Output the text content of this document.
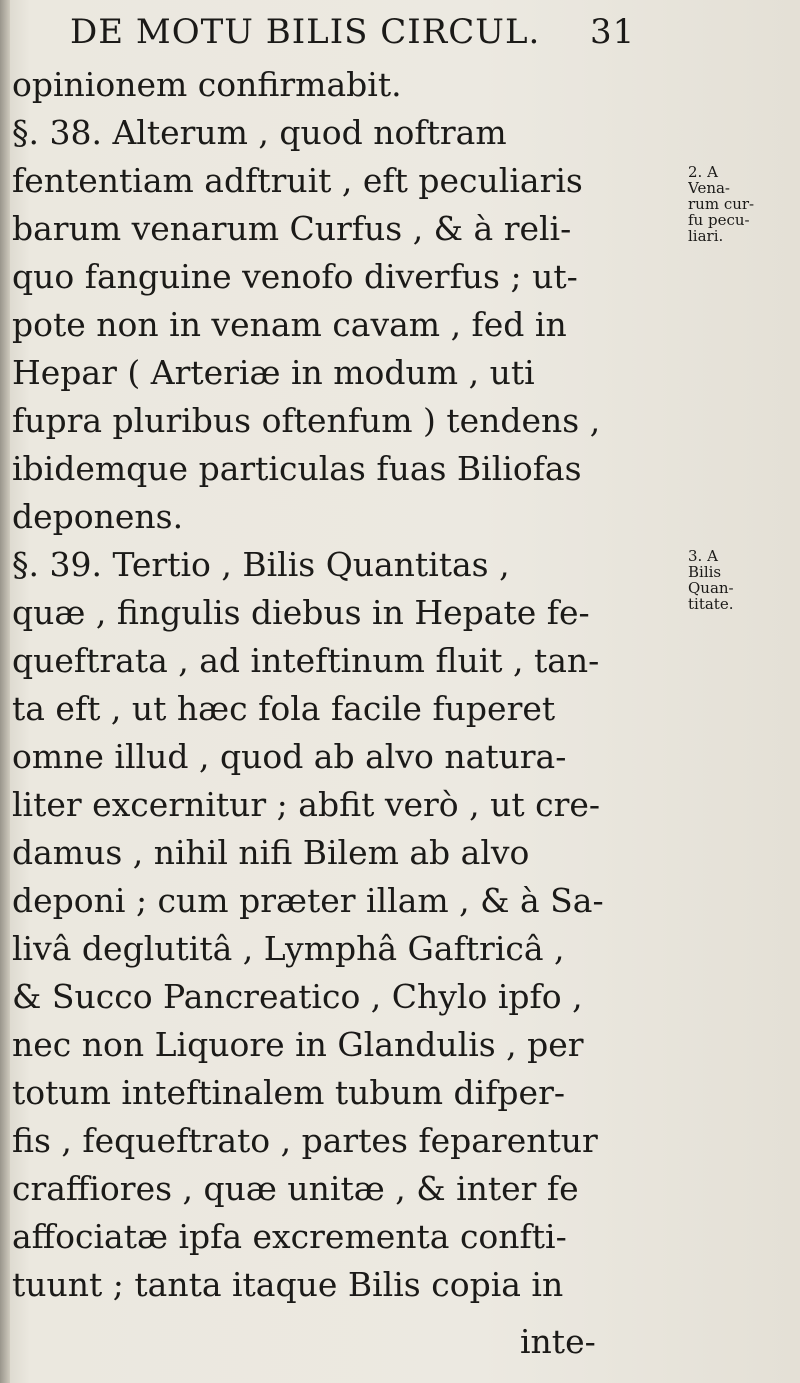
DE MOTU BILIS CIRCUL. 31
opinionem confirmabit.
§. 38. Alterum , quod noftram
fententiam adftruit , eft peculiaris
barum venarum Curfus , & à reli-
quo fanguine venofo diverfus ; ut-
pote non in venam cavam , fed in
Hepar ( Arteriæ in modum , uti
fupra pluribus oftenfum ) tendens ,
ibidemque particulas fuas Biliofas
deponens.
§. 39. Tertio , Bilis Quantitas ,
quæ , fingulis diebus in Hepate fe-
queftrata , ad inteftinum fluit , tan-
ta eft , ut hæc fola facile fuperet
omne illud , quod ab alvo natura-
liter excernitur ; abfit verò , ut cre-
damus , nihil nifi Bilem ab alvo
deponi ; cum præter illam , & à Sa-
livâ deglutitâ , Lymphâ Gaftricâ ,
& Succo Pancreatico , Chylo ipfo ,
nec non Liquore in Glandulis , per
totum inteftinalem tubum difper-
fis , fequeftrato , partes feparentur
craffiores , quæ unitæ , & inter fe
affociatæ ipfa excrementa confti-
tuunt ; tanta itaque Bilis copia in
inte-
2. A
Vena-
rum cur-
fu pecu-
liari.
3. A
Bilis
Quan-
titate.
